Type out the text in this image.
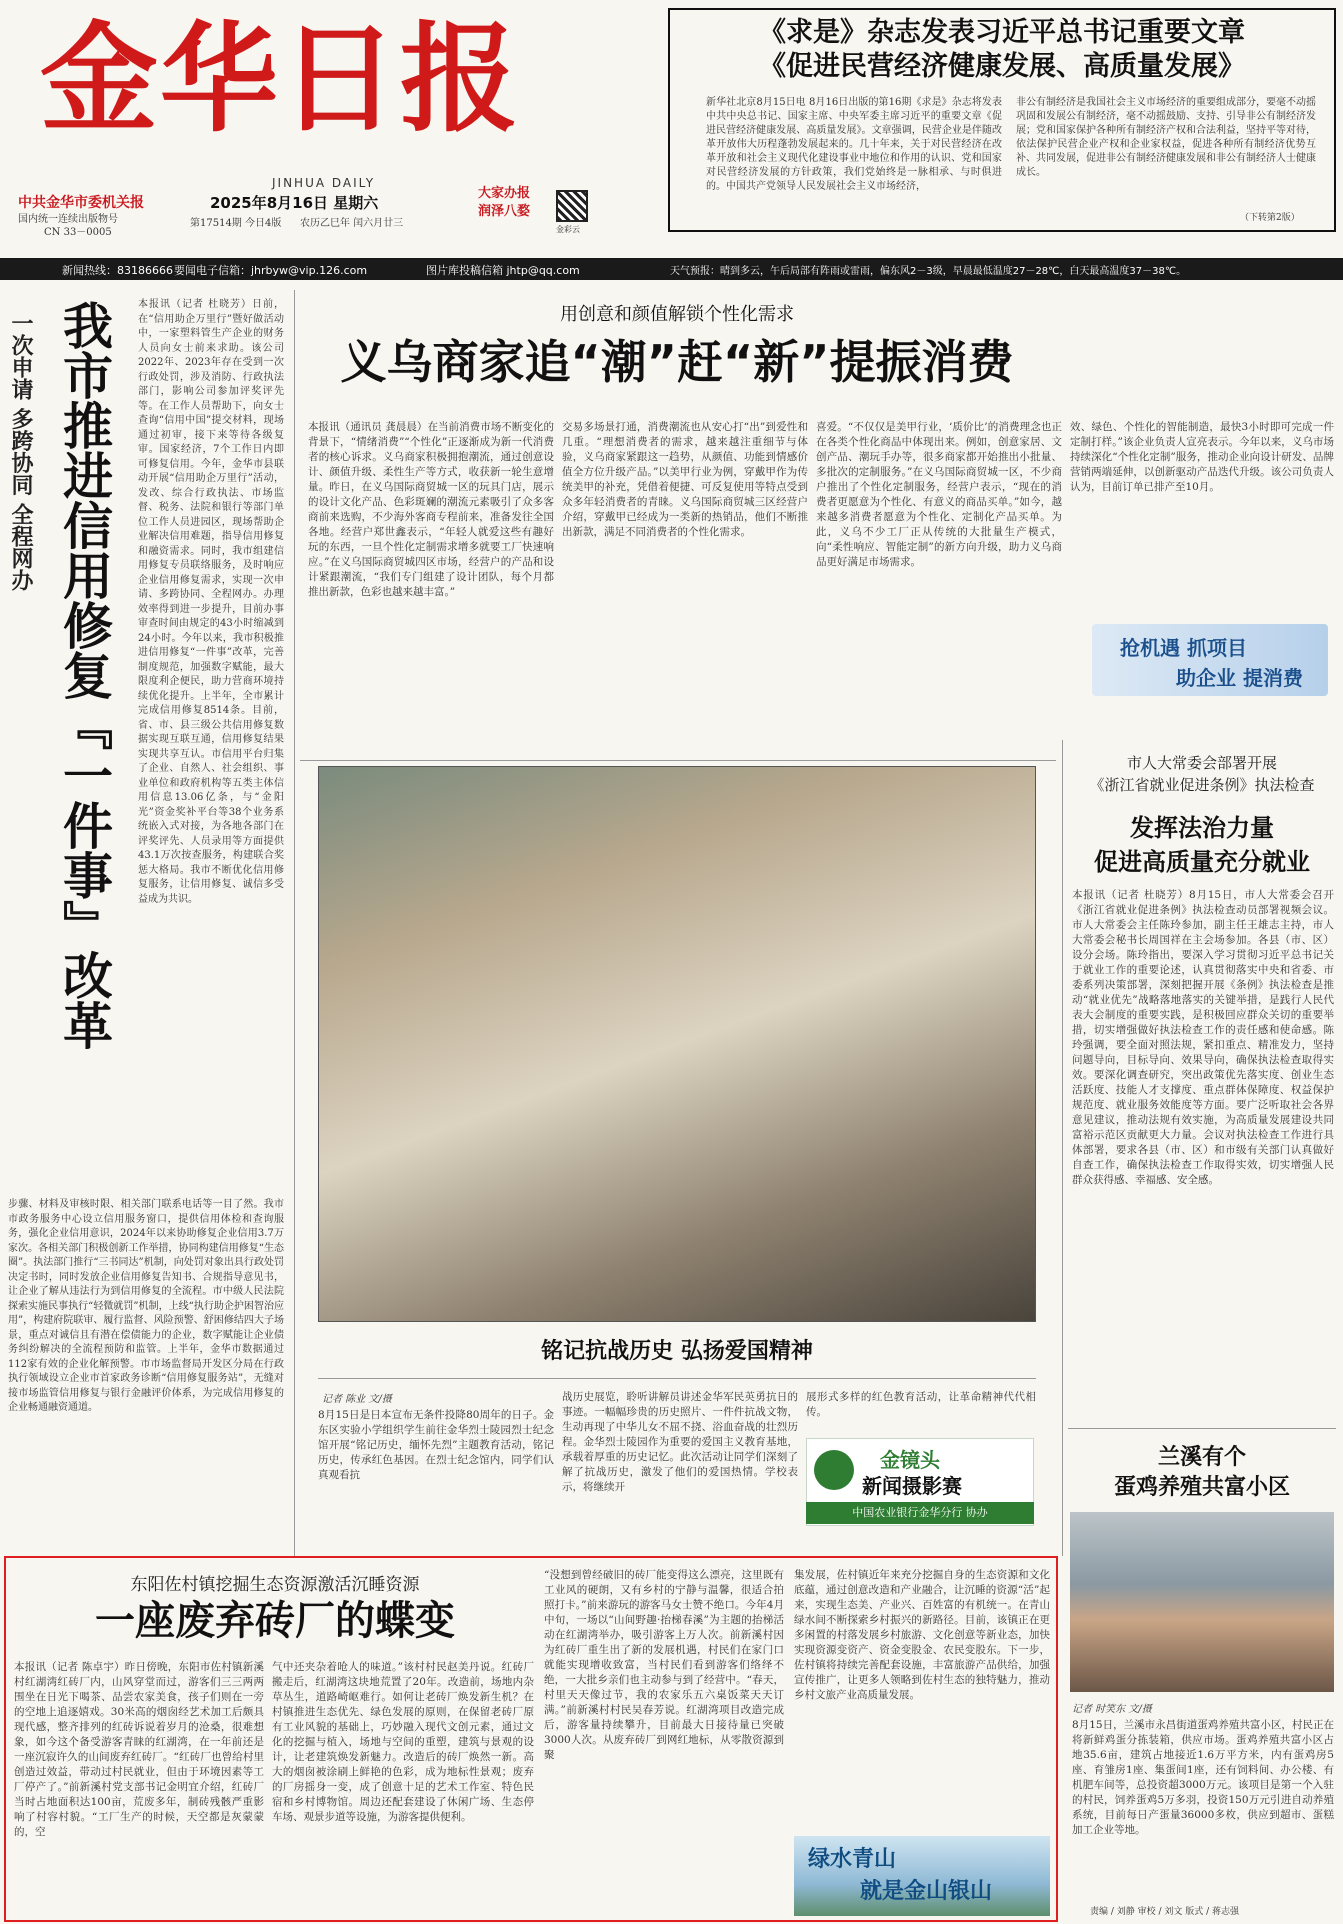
金华日报
JINHUA DAILY
中共金华市委机关报
国内统一连续出版物号
CN 33－0005
2025年8月16日 星期六
第17514期 今日4版 农历乙巳年 闰六月廿三
大家办报
润泽八婺
金彩云
《求是》杂志发表习近平总书记重要文章
《促进民营经济健康发展、高质量发展》
新华社北京8月15日电 8月16日出版的第16期《求是》杂志将发表中共中央总书记、国家主席、中央军委主席习近平的重要文章《促进民营经济健康发展、高质量发展》。文章强调，民营企业是伴随改革开放伟大历程蓬勃发展起来的。几十年来，关于对民营经济在改革开放和社会主义现代化建设事业中地位和作用的认识、党和国家对民营经济发展的方针政策，我们党始终是一脉相承、与时俱进的。中国共产党领导人民发展社会主义市场经济，
非公有制经济是我国社会主义市场经济的重要组成部分，要毫不动摇巩固和发展公有制经济，毫不动摇鼓励、支持、引导非公有制经济发展；党和国家保护各种所有制经济产权和合法利益，坚持平等对待，依法保护民营企业产权和企业家权益，促进各种所有制经济优势互补、共同发展，促进非公有制经济健康发展和非公有制经济人士健康成长。
（下转第2版）
新闻热线：83186666 要闻电子信箱：jhrbyw@vip.126.com	图片库投稿信箱 jhtp@qq.com	天气预报：晴到多云，午后局部有阵雨或雷雨，偏东风2－3级，早晨最低温度27－28℃，白天最高温度37－38℃。
一次申请 多跨协同 全程网办 我市推进信用修复『一件事』改革	本报讯（记者 杜晓芳）日前，在“信用助企万里行”暨好做活动中，一家塑料管生产企业的财务人员向女士前来求助。该公司2022年、2023年存在受到一次行政处罚，涉及消防、行政执法部门，影响公司参加评奖评先等。在工作人员帮助下，向女士查询“信用中国”提交材料，现场通过初审，接下来等待各级复审。国家经济，7个工作日内即可修复信用。今年，金华市县联动开展“信用助企万里行”活动，发改、综合行政执法、市场监督、税务、法院和银行等部门单位工作人员进园区，现场帮助企业解决信用难题，指导信用修复和融资需求。同时，我市组建信用修复专员联络服务，及时响应企业信用修复需求，实现一次申请、多跨协同、全程网办。办理效率得到进一步提升，目前办事审查时间由规定的43小时缩减到24小时。今年以来，我市积极推进信用修复“一件事”改革，完善制度规范，加强数字赋能，最大限度利企便民，助力营商环境持续优化提升。上半年，全市累计完成信用修复8514条。目前，省、市、县三级公共信用修复数据实现互联互通，信用修复结果实现共享互认。市信用平台归集了企业、自然人、社会组织、事业单位和政府机构等五类主体信用信息13.06亿条，与“金阳光”资金奖补平台等38个业务系统嵌入式对接，为各地各部门在评奖评先、人员录用等方面提供43.1万次按查服务，构建联合奖惩大格局。我市不断优化信用修复服务，让信用修复、诚信多受益成为共识。
步骤、材料及审核时限、相关部门联系电话等一目了然。我市市政务服务中心设立信用服务窗口，提供信用体检和查询服务，强化企业信用意识，2024年以来协助修复企业信用3.7万家次。各相关部门积极创新工作举措，协同构建信用修复“生态圈”。执法部门推行“三书同达”机制，向处罚对象出具行政处罚决定书时，同时发放企业信用修复告知书、合规指导意见书，让企业了解从违法行为到信用修复的全流程。市中级人民法院探索实施民事执行“轻微就罚”机制，上线“执行助企护困智治应用”，构建府院联审、履行监督、风险预警、舒困修结四大子场景，重点对诚信且有潜在偿债能力的企业，数字赋能让企业债务纠纷解决的全流程预防和监管。上半年，金华市数据通过112家有效的企业化解预警。市市场监督局开发区分局在行政执行领域设立企业市首家政务诊断“信用修复服务站”，无缝对接市场监管信用修复与银行金融评价体系，为完成信用修复的企业畅通融资通道。
用创意和颜值解锁个性化需求
义乌商家追“潮”赶“新”提振消费
本报讯（通讯员 龚晨晨）在当前消费市场不断变化的背景下，“情绪消费”“个性化”正逐渐成为新一代消费者的核心诉求。义乌商家积极拥抱潮流，通过创意设计、颜值升级、柔性生产等方式，收获新一轮生意增量。昨日，在义乌国际商贸城一区的玩具门店，展示的设计文化产品、色彩斑斓的潮流元素吸引了众多客商前来选购，不少海外客商专程前来，准备发往全国各地。经营户郑世鑫表示，“年轻人就爱这些有趣好玩的东西，一旦个性化定制需求增多就要工厂快速响应。”在义乌国际商贸城四区市场，经营户的产品和设计紧跟潮流，“我们专门组建了设计团队，每个月都推出新款，色彩也越来越丰富。”
交易多场景打通，消费潮流也从安心打“出”到爱性和几重。“理想消费者的需求，越来越注重细节与体验，义乌商家紧跟这一趋势，从颜值、功能到情感价值全方位升级产品。”以美甲行业为例，穿戴甲作为传统美甲的补充，凭借着便捷、可反复使用等特点受到众多年轻消费者的青睐。义乌国际商贸城三区经营户介绍，穿戴甲已经成为一类新的热销品，他们不断推出新款，满足不同消费者的个性化需求。
喜爱。“不仅仅是美甲行业，‘质价比’的消费理念也正在各类个性化商品中体现出来。例如，创意家居、文创产品、潮玩手办等，很多商家都开始推出小批量、多批次的定制服务。”在义乌国际商贸城一区，不少商户推出了个性化定制服务，经营户表示，“现在的消费者更愿意为个性化、有意义的商品买单。”如今，越来越多消费者愿意为个性化、定制化产品买单。为此，义乌不少工厂正从传统的大批量生产模式，向“柔性响应、智能定制”的新方向升级，助力义乌商品更好满足市场需求。
效、绿色、个性化的智能制造，最快3小时即可完成一件定制打样。”该企业负责人宣亮表示。今年以来，义乌市场持续深化“个性化定制”服务，推动企业向设计研发、品牌营销两端延伸，以创新驱动产品迭代升级。该公司负责人认为，目前订单已排产至10月。
抢机遇 抓项目
助企业 提消费
铭记抗战历史 弘扬爱国精神
记者 陈业 文/摄
8月15日是日本宣布无条件投降80周年的日子。金东区实验小学组织学生前往金华烈士陵园烈士纪念馆开展“铭记历史，缅怀先烈”主题教育活动，铭记历史，传承红色基因。在烈士纪念馆内，同学们认真观看抗
战历史展览，聆听讲解员讲述金华军民英勇抗日的事迹。一幅幅珍贵的历史照片、一件件抗战文物，生动再现了中华儿女不屈不挠、浴血奋战的壮烈历程。金华烈士陵园作为重要的爱国主义教育基地，承载着厚重的历史记忆。此次活动让同学们深刻了解了抗战历史，激发了他们的爱国热情。学校表示，将继续开
展形式多样的红色教育活动，让革命精神代代相传。
金镜头
新闻摄影赛
中国农业银行金华分行 协办
市人大常委会部署开展
《浙江省就业促进条例》执法检查
发挥法治力量
促进高质量充分就业
本报讯（记者 杜晓芳）8月15日，市人大常委会召开《浙江省就业促进条例》执法检查动员部署视频会议。市人大常委会主任陈玲参加，副主任王雄志主持，市人大常委会秘书长周国祥在主会场参加。各县（市、区）设分会场。陈玲指出，要深入学习贯彻习近平总书记关于就业工作的重要论述，认真贯彻落实中央和省委、市委系列决策部署，深刻把握开展《条例》执法检查是推动“就业优先”战略落地落实的关键举措，是践行人民代表大会制度的重要实践，是积极回应群众关切的重要举措，切实增强做好执法检查工作的责任感和使命感。陈玲强调，要全面对照法规，紧扣重点、精准发力，坚持问题导向，目标导向、效果导向，确保执法检查取得实效。要深化调查研究，突出政策优先落实度、创业生态活跃度、技能人才支撑度、重点群体保障度、权益保护规范度、就业服务效能度等方面。要广泛听取社会各界意见建议，推动法规有效实施，为高质量发展建设共同富裕示范区贡献更大力量。会议对执法检查工作进行具体部署，要求各县（市、区）和市级有关部门认真做好自查工作，确保执法检查工作取得实效，切实增强人民群众获得感、幸福感、安全感。
兰溪有个
蛋鸡养殖共富小区
记者 时笑东 文/摄
8月15日，兰溪市永昌街道蛋鸡养殖共富小区，村民正在将新鲜鸡蛋分拣装箱，供应市场。蛋鸡养殖共富小区占地35.6亩，建筑占地接近1.6万平方米，内有蛋鸡房5座、育雏房1座、集蛋间1座，还有饲料间、办公楼、有机肥车间等，总投资超3000万元。该项目是第一个入驻的村民，饲养蛋鸡5万多羽，投资150万元引进自动养殖系统，目前每日产蛋量36000多枚，供应到超市、蛋糕加工企业等地。
东阳佐村镇挖掘生态资源激活沉睡资源
一座废弃砖厂的蝶变
本报讯（记者 陈卓宇）昨日傍晚，东阳市佐村镇新溪村红湖湾红砖厂内，山风穿堂而过，游客们三三两两围坐在日光下喝茶、品尝农家美食，孩子们则在一旁的空地上追逐嬉戏。30米高的烟囱经艺术加工后颇具现代感，整齐排列的红砖诉说着岁月的沧桑，很难想象，如今这个备受游客青睐的红湖湾，在一年前还是一座沉寂许久的山间废弃红砖厂。“红砖厂也曾给村里创造过效益，带动过村民就业，但由于环境因素等工厂停产了。”前新溪村党支部书记金明宜介绍，红砖厂当时占地面积达100亩，荒废多年，制砖残骸严重影响了村容村貌。“工厂生产的时候，天空都是灰蒙蒙的，空
气中还夹杂着呛人的味道。”该村村民赵美丹说。红砖厂搬走后，红湖湾这块地荒置了20年。改造前，场地内杂草丛生，道路崎岖难行。如何让老砖厂焕发新生机？在村镇推进生态优先、绿色发展的原则，在保留老砖厂原有工业风貌的基础上，巧妙融入现代文创元素，通过文化的挖掘与植入，场地与空间的重塑，建筑与景观的设计，让老建筑焕发新魅力。改造后的砖厂焕然一新。高大的烟囱被涂刷上鲜艳的色彩，成为地标性景观；废弃的厂房摇身一变，成了创意十足的艺术工作室、特色民宿和乡村博物馆。周边还配套建设了休闲广场、生态停车场、观景步道等设施，为游客提供便利。
“没想到曾经破旧的砖厂能变得这么漂亮，这里既有工业风的硬朗，又有乡村的宁静与温馨，很适合拍照打卡。”前来游玩的游客马女士赞不绝口。今年4月中旬，一场以“山间野趣·抬梯春溪”为主题的抬梯活动在红湖湾举办，吸引游客上万人次。前新溪村因为红砖厂重生出了新的发展机遇，村民们在家门口就能实现增收致富，当村民们看到游客们络绎不绝，一大批乡亲们也主动参与到了经营中。“春天，村里天天像过节，我的农家乐五六桌饭菜天天订满。”前新溪村村民吴春芳说。红湖湾项目改造完成后，游客量持续攀升，目前最大日接待量已突破3000人次。从废弃砖厂到网红地标，从零散资源到聚
集发展，佐村镇近年来充分挖掘自身的生态资源和文化底蕴，通过创意改造和产业融合，让沉睡的资源“活”起来，实现生态美、产业兴、百姓富的有机统一。在青山绿水间不断探索乡村振兴的新路径。目前，该镇正在更多闲置的村落发展乡村旅游、文化创意等新业态，加快实现资源变资产、资金变股金、农民变股东。下一步，佐村镇将持续完善配套设施，丰富旅游产品供给，加强宣传推广，让更多人领略到佐村生态的独特魅力，推动乡村文旅产业高质量发展。
绿水青山
就是金山银山
责编 / 刘静 审校 / 刘文 版式 / 蒋志强
